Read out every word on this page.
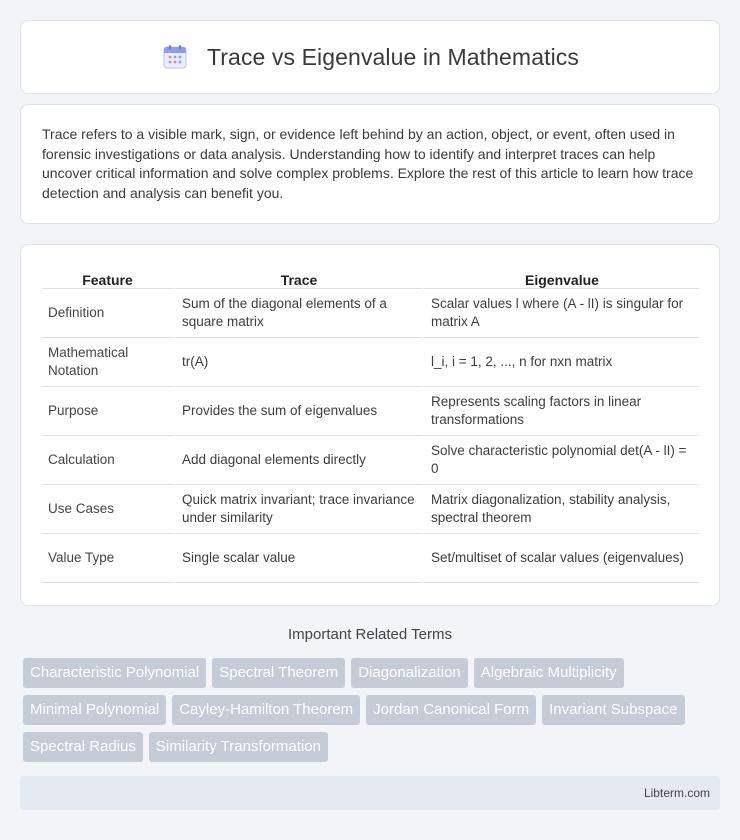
Trace vs Eigenvalue in Mathematics

Trace refers to a visible mark, sign, or evidence left behind by an action, object, or event, often used in forensic investigations or data analysis. Understanding how to identify and interpret traces can help uncover critical information and solve complex problems. Explore the rest of this article to learn how trace detection and analysis can benefit you.

Feature	Trace	Eigenvalue
Definition	Sum of the diagonal elements of a square matrix	Scalar values l where (A - lI) is singular for matrix A
Mathematical Notation	tr(A)	l_i, i = 1, 2, ..., n for nxn matrix
Purpose	Provides the sum of eigenvalues	Represents scaling factors in linear transformations
Calculation	Add diagonal elements directly	Solve characteristic polynomial det(A - lI) = 0
Use Cases	Quick matrix invariant; trace invariance under similarity	Matrix diagonalization, stability analysis, spectral theorem
Value Type	Single scalar value	Set/multiset of scalar values (eigenvalues)
Important Related Terms
Characteristic Polynomial	Spectral Theorem	Diagonalization	Algebraic Multiplicity
Minimal Polynomial	Cayley-Hamilton Theorem	Jordan Canonical Form	Invariant Subspace
Spectral Radius	Similarity Transformation
Libterm.com
